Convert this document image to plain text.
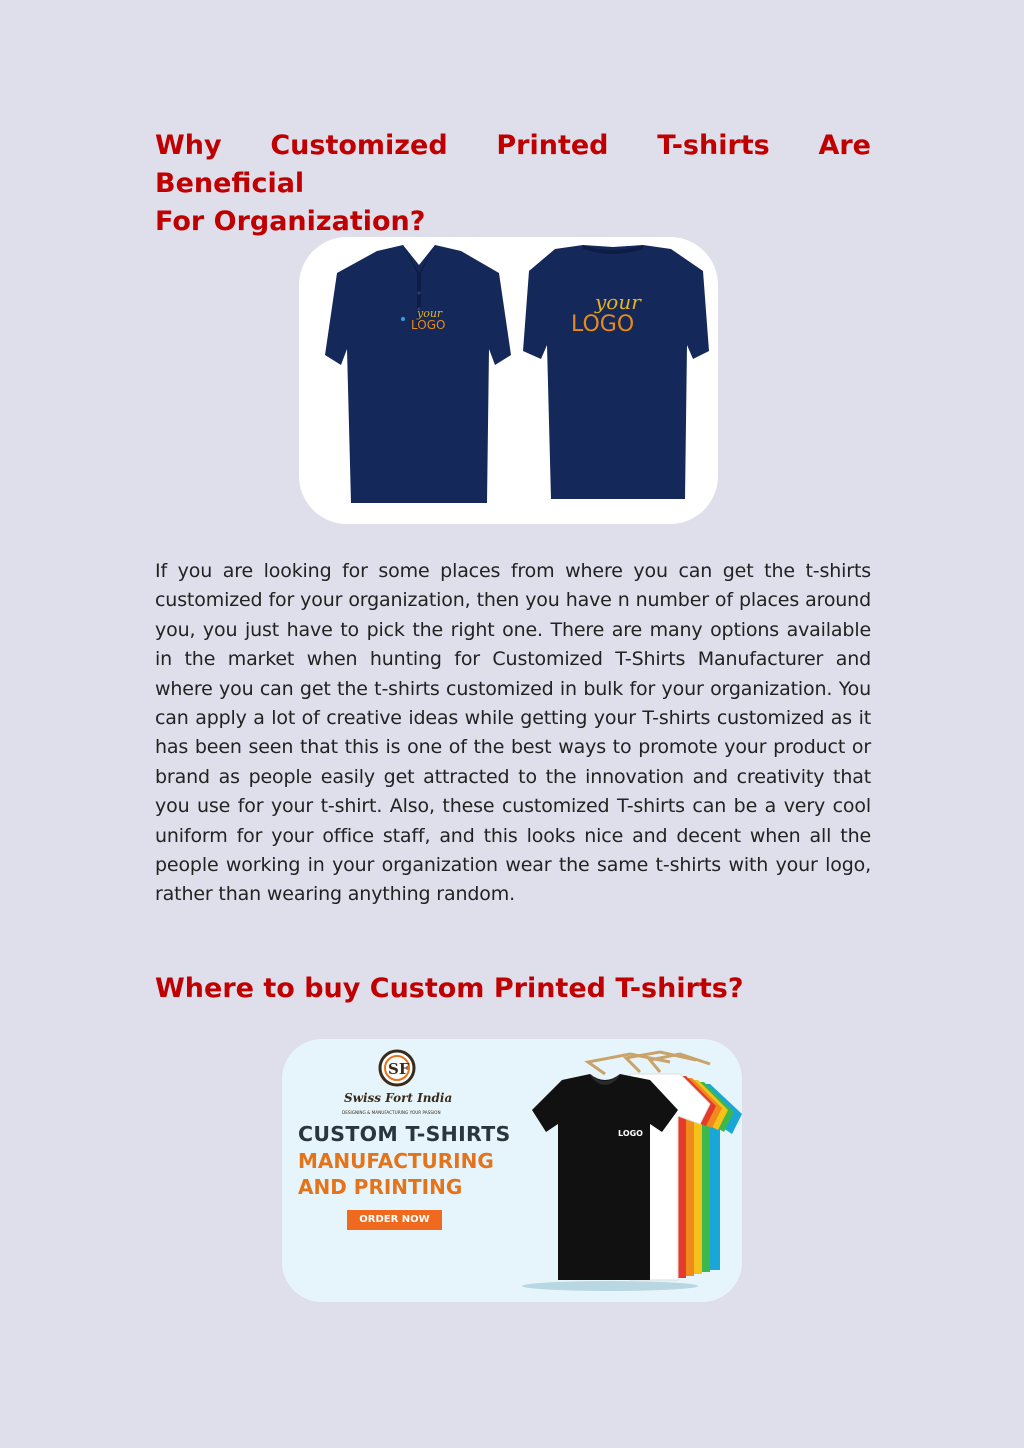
Why Customized Printed T-shirts Are Beneficial
For Organization?
your
LOGO
your
LOGO

If you are looking for some places from where you can get the t-shirts customized for your organization, then you have n number of places around you, you just have to pick the right one. There are many options available in the market when hunting for Customized T-Shirts Manufacturer and where you can get the t-shirts customized in bulk for your organization. You can apply a lot of creative ideas while getting your T-shirts customized as it has been seen that this is one of the best ways to promote your product or brand as people easily get attracted to the innovation and creativity that you use for your t-shirt. Also, these customized T-shirts can be a very cool uniform for your office staff, and this looks nice and decent when all the people working in your organization wear the same t-shirts with your logo, rather than wearing anything random.

Where to buy Custom Printed T-shirts?
SF
Swiss Fort India
DESIGNING & MANUFACTURING YOUR PASSION

CUSTOM T-SHIRTS

MANUFACTURING

AND PRINTING

ORDER NOW
LOGO
